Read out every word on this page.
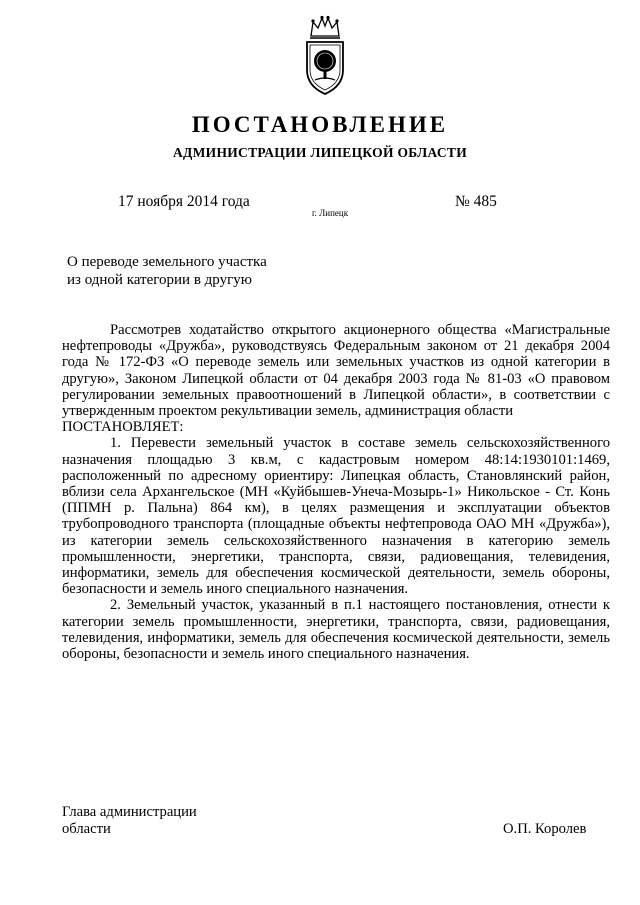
ПОСТАНОВЛЕНИЕ
АДМИНИСТРАЦИИ ЛИПЕЦКОЙ ОБЛАСТИ
17 ноября 2014 года
г. Липецк
№ 485
О переводе земельного участка
из одной категории в другую

Рассмотрев ходатайство открытого акционерного общества «Магистральные нефтепроводы «Дружба», руководствуясь Федеральным законом от 21 декабря 2004 года № 172-ФЗ «О переводе земель или земельных участков из одной категории в другую», Законом Липецкой области от 04 декабря 2003 года № 81-03 «О правовом регулировании земельных правоотношений в Липецкой области», в соответствии с утвержденным проектом рекультивации земель, администрация области

ПОСТАНОВЛЯЕТ:

1. Перевести земельный участок в составе земель сельскохозяйственного назначения площадью 3 кв.м, с кадастровым номером 48:14:1930101:1469, расположенный по адресному ориентиру: Липецкая область, Становлянский район, вблизи села Архангельское (МН «Куйбышев-Унеча-Мозырь-1» Никольское - Ст. Конь (ППМН р. Пальна) 864 км), в целях размещения и эксплуатации объектов трубопроводного транспорта (площадные объекты нефтепровода ОАО МН «Дружба»), из категории земель сельскохозяйственного назначения в категорию земель промышленности, энергетики, транспорта, связи, радиовещания, телевидения, информатики, земель для обеспечения космической деятельности, земель обороны, безопасности и земель иного специального назначения.

2. Земельный участок, указанный в п.1 настоящего постановления, отнести к категории земель промышленности, энергетики, транспорта, связи, радиовещания, телевидения, информатики, земель для обеспечения космической деятельности, земель обороны, безопасности и земель иного специального назначения.

Глава администрации
области	О.П. Королев
